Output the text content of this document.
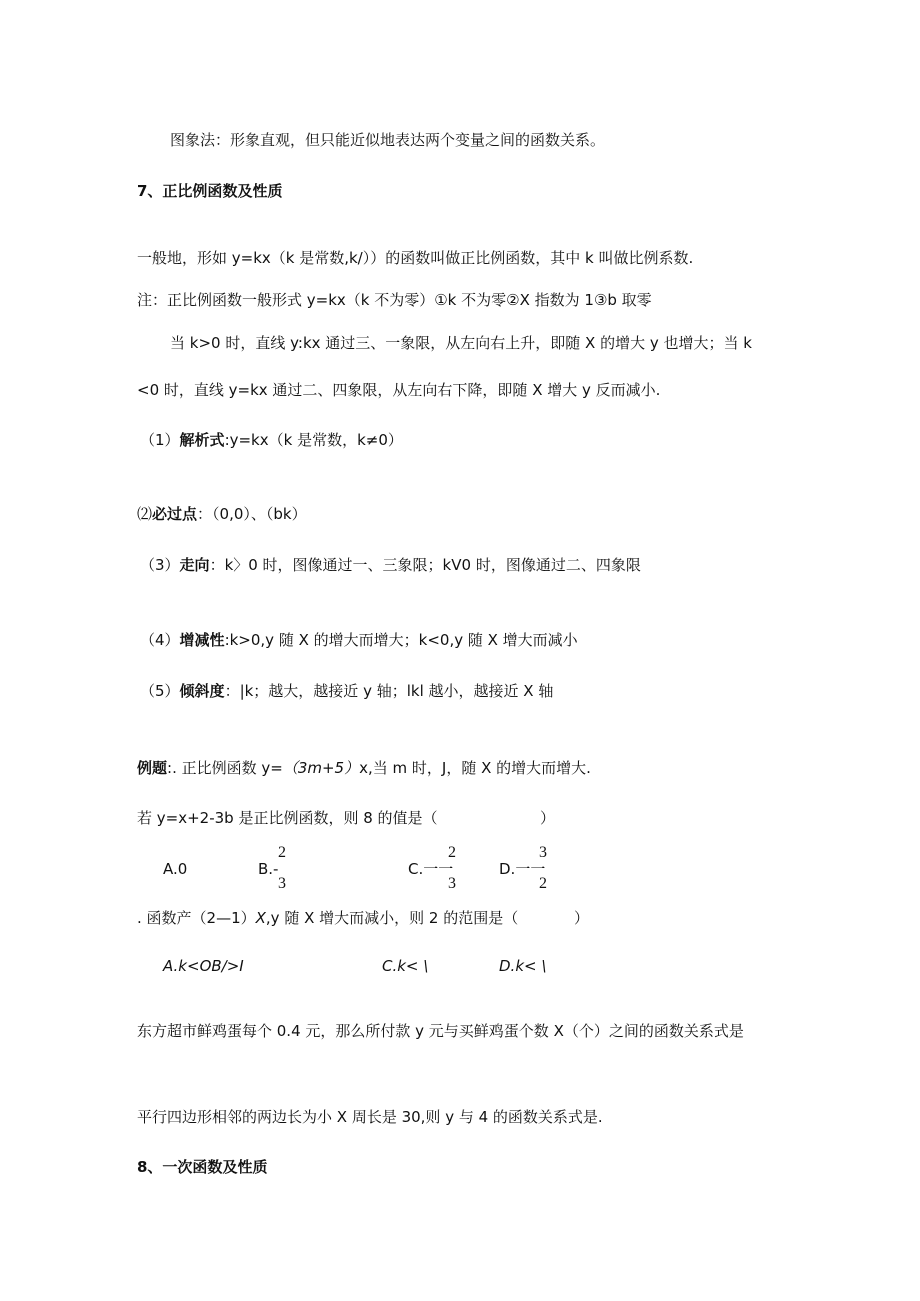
图象法：形象直观，但只能近似地表达两个变量之间的函数关系。
7、正比例函数及性质
一般地，形如 y=kx（k 是常数,k/））的函数叫做正比例函数，其中 k 叫做比例系数.
注：正比例函数一般形式 y=kx（k 不为零）①k 不为零②X 指数为 1③b 取零
当 k>0 时，直线 y:kx 通过三、一象限，从左向右上升，即随 X 的增大 y 也增大；当 k
<0 时，直线 y=kx 通过二、四象限，从左向右下降，即随 X 增大 y 反而减小.
（1）解析式:y=kx（k 是常数，k≠0）
⑵必过点：（0,0）、（bk）
（3）走向：k〉0 时，图像通过一、三象限；kV0 时，图像通过二、四象限
（4）增减性:k>0,y 随 X 的增大而增大；k<0,y 随 X 增大而减小
（5）倾斜度：|k；越大，越接近 y 轴；lkl 越小，越接近 X 轴
例题:. 正比例函数 y=（3m+5）x,当 m 时，J，随 X 的增大而增大.
若 y=x+2-3b 是正比例函数，则 8 的值是（	）
A.0	B.-
2
3
C.一一
2
3
D.一一
3
2
. 函数产（2—1）X,y 随 X 增大而减小，则 2 的范围是（	）
A.k<OB∕>I	C.k< \	D.k< \
东方超市鲜鸡蛋每个 0.4 元，那么所付款 y 元与买鲜鸡蛋个数 X（个）之间的函数关系式是
平行四边形相邻的两边长为小 X 周长是 30,则 y 与 4 的函数关系式是.
8、一次函数及性质
